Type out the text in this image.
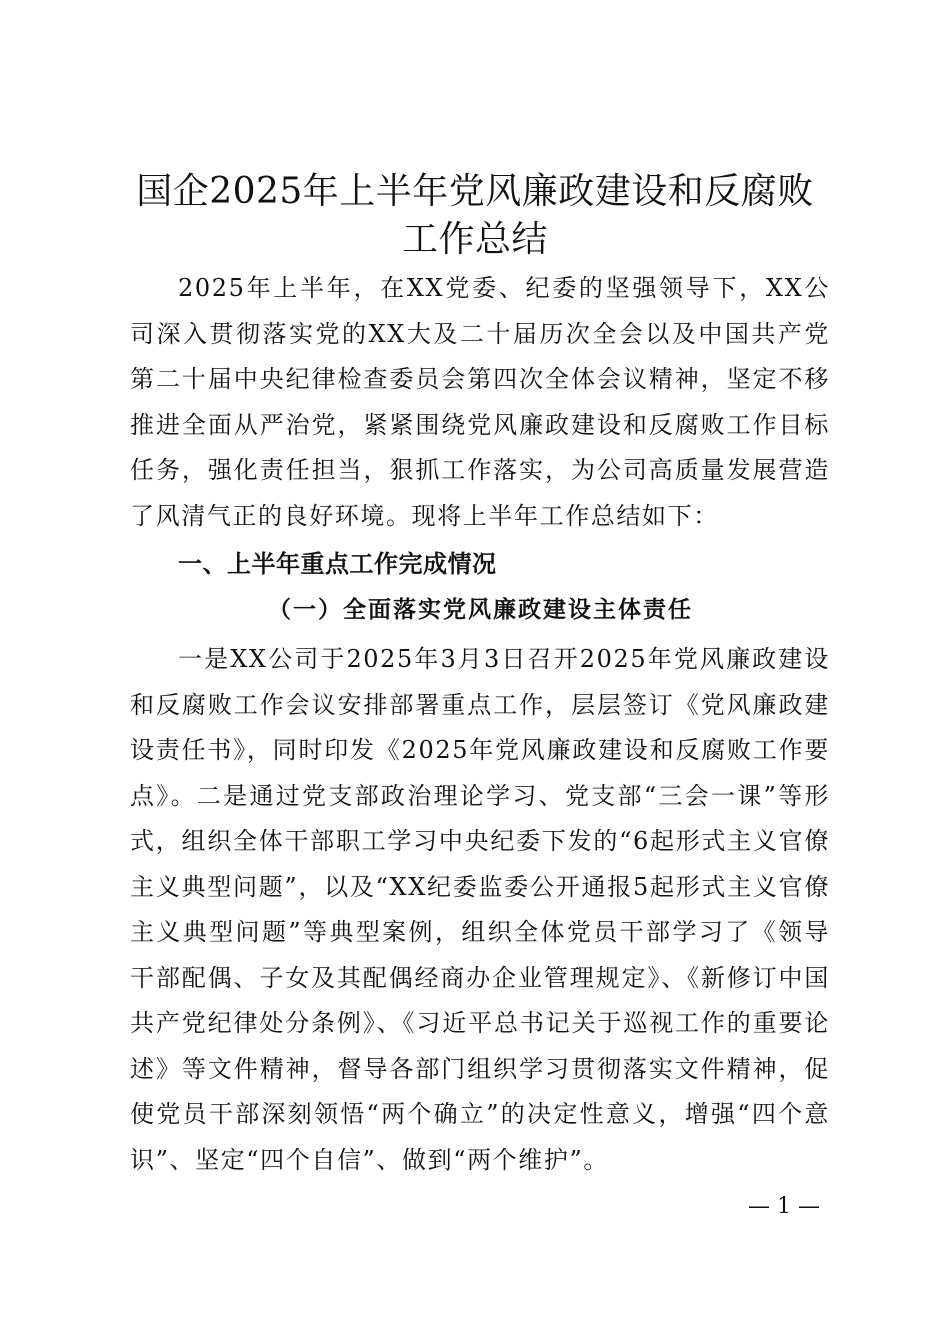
国企2025年上半年党风廉政建设和反腐败工作总结
2025年上半年，在XX党委、纪委的坚强领导下，XX公司深入贯彻落实党的XX大及二十届历次全会以及中国共产党第二十届中央纪律检查委员会第四次全体会议精神，坚定不移推进全面从严治党，紧紧围绕党风廉政建设和反腐败工作目标任务，强化责任担当，狠抓工作落实，为公司高质量发展营造了风清气正的良好环境。现将上半年工作总结如下：
一、上半年重点工作完成情况
（一）全面落实党风廉政建设主体责任
一是XX公司于2025年3月3日召开2025年党风廉政建设和反腐败工作会议安排部署重点工作，层层签订《党风廉政建设责任书》，同时印发《2025年党风廉政建设和反腐败工作要点》。二是通过党支部政治理论学习、党支部“三会一课”等形式，组织全体干部职工学习中央纪委下发的“6起形式主义官僚主义典型问题”，以及“XX纪委监委公开通报5起形式主义官僚主义典型问题”等典型案例，组织全体党员干部学习了《领导干部配偶、子女及其配偶经商办企业管理规定》、《新修订中国共产党纪律处分条例》、《习近平总书记关于巡视工作的重要论述》等文件精神，督导各部门组织学习贯彻落实文件精神，促使党员干部深刻领悟“两个确立”的决定性意义，增强“四个意识”、坚定“四个自信”、做到“两个维护”。
— 1 —
